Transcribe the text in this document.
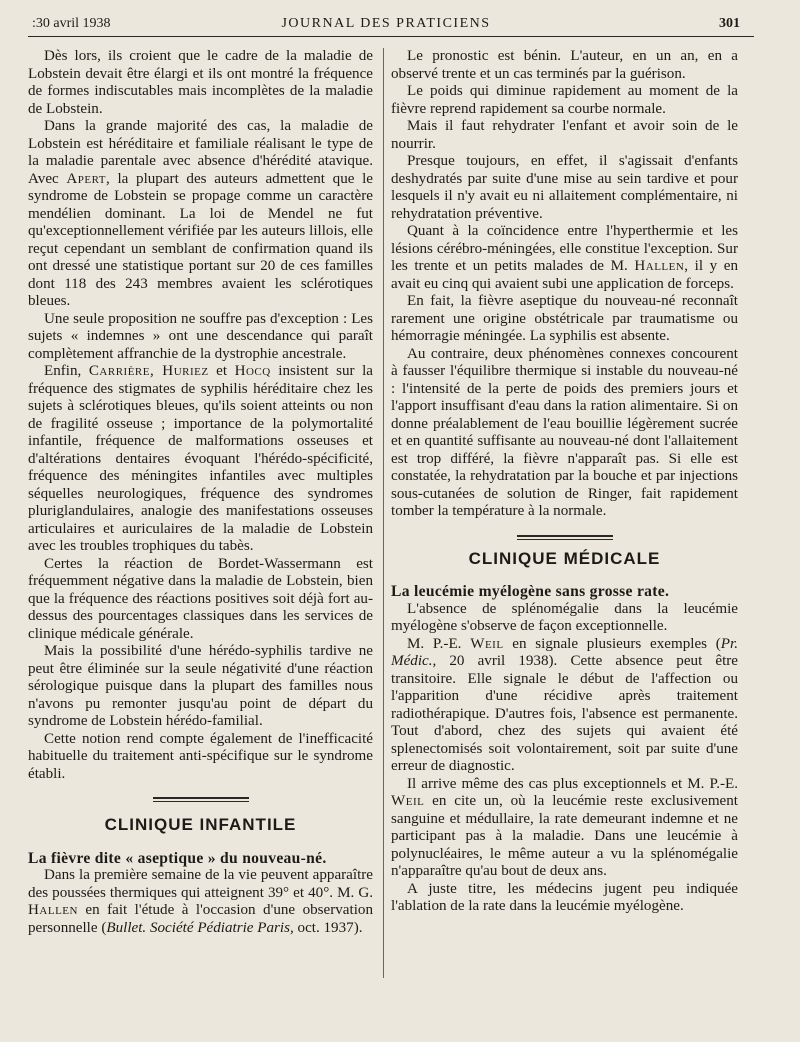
:30 avril 1938	JOURNAL DES PRATICIENS	301

Dès lors, ils croient que le cadre de la maladie de Lobstein devait être élargi et ils ont montré la fréquence de formes indiscutables mais incomplètes de la maladie de Lobstein.

Dans la grande majorité des cas, la maladie de Lobstein est héréditaire et familiale réalisant le type de la maladie parentale avec absence d'hérédité atavique. Avec Apert, la plupart des auteurs admettent que le syndrome de Lobstein se propage comme un caractère mendélien dominant. La loi de Mendel ne fut qu'exceptionnellement vérifiée par les auteurs lillois, elle reçut cependant un semblant de confirmation quand ils ont dressé une statistique portant sur 20 de ces familles dont 118 des 243 membres avaient les sclérotiques bleues.

Une seule proposition ne souffre pas d'exception : Les sujets « indemnes » ont une descendance qui paraît complètement affranchie de la dystrophie ancestrale.

Enfin, Carrière, Huriez et Hocq insistent sur la fréquence des stigmates de syphilis héréditaire chez les sujets à sclérotiques bleues, qu'ils soient atteints ou non de fragilité osseuse ; importance de la polymortalité infantile, fréquence de malformations osseuses et d'altérations dentaires évoquant l'hérédo-spécificité, fréquence des méningites infantiles avec multiples séquelles neurologiques, fréquence des syndromes pluriglandulaires, analogie des manifestations osseuses articulaires et auriculaires de la maladie de Lobstein avec les troubles trophiques du tabès.

Certes la réaction de Bordet-Wassermann est fréquemment négative dans la maladie de Lobstein, bien que la fréquence des réactions positives soit déjà fort au-dessus des pourcentages classiques dans les services de clinique médicale générale.

Mais la possibilité d'une hérédo-syphilis tardive ne peut être éliminée sur la seule négativité d'une réaction sérologique puisque dans la plupart des familles nous n'avons pu remonter jusqu'au point de départ du syndrome de Lobstein hérédo-familial.

Cette notion rend compte également de l'inefficacité habituelle du traitement anti-spécifique sur le syndrome établi.

CLINIQUE INFANTILE

La fièvre dite « aseptique » du nouveau-né.

Dans la première semaine de la vie peuvent apparaître des poussées thermiques qui atteignent 39° et 40°. M. G. Hallen en fait l'étude à l'occasion d'une observation personnelle (Bullet. Société Pédiatrie Paris, oct. 1937).

Le pronostic est bénin. L'auteur, en un an, en a observé trente et un cas terminés par la guérison.

Le poids qui diminue rapidement au moment de la fièvre reprend rapidement sa courbe normale.

Mais il faut rehydrater l'enfant et avoir soin de le nourrir.

Presque toujours, en effet, il s'agissait d'enfants deshydratés par suite d'une mise au sein tardive et pour lesquels il n'y avait eu ni allaitement complémentaire, ni rehydratation préventive.

Quant à la coïncidence entre l'hyperthermie et les lésions cérébro-méningées, elle constitue l'exception. Sur les trente et un petits malades de M. Hallen, il y en avait eu cinq qui avaient subi une application de forceps.

En fait, la fièvre aseptique du nouveau-né reconnaît rarement une origine obstétricale par traumatisme ou hémorragie méningée. La syphilis est absente.

Au contraire, deux phénomènes connexes concourent à fausser l'équilibre thermique si instable du nouveau-né : l'intensité de la perte de poids des premiers jours et l'apport insuffisant d'eau dans la ration alimentaire. Si on donne préalablement de l'eau bouillie légèrement sucrée et en quantité suffisante au nouveau-né dont l'allaitement est trop différé, la fièvre n'apparaît pas. Si elle est constatée, la rehydratation par la bouche et par injections sous-cutanées de solution de Ringer, fait rapidement tomber la température à la normale.

CLINIQUE MÉDICALE

La leucémie myélogène sans grosse rate.

L'absence de splénomégalie dans la leucémie myélogène s'observe de façon exceptionnelle.

M. P.-E. Weil en signale plusieurs exemples (Pr. Médic., 20 avril 1938). Cette absence peut être transitoire. Elle signale le début de l'affection ou l'apparition d'une récidive après traitement radiothérapique. D'autres fois, l'absence est permanente. Tout d'abord, chez des sujets qui avaient été splenectomisés soit volontairement, soit par suite d'une erreur de diagnostic.

Il arrive même des cas plus exceptionnels et M. P.-E. Weil en cite un, où la leucémie reste exclusivement sanguine et médullaire, la rate demeurant indemne et ne participant pas à la maladie. Dans une leucémie à polynucléaires, le même auteur a vu la splénomégalie n'apparaître qu'au bout de deux ans.

A juste titre, les médecins jugent peu indiquée l'ablation de la rate dans la leucémie myélogène.
